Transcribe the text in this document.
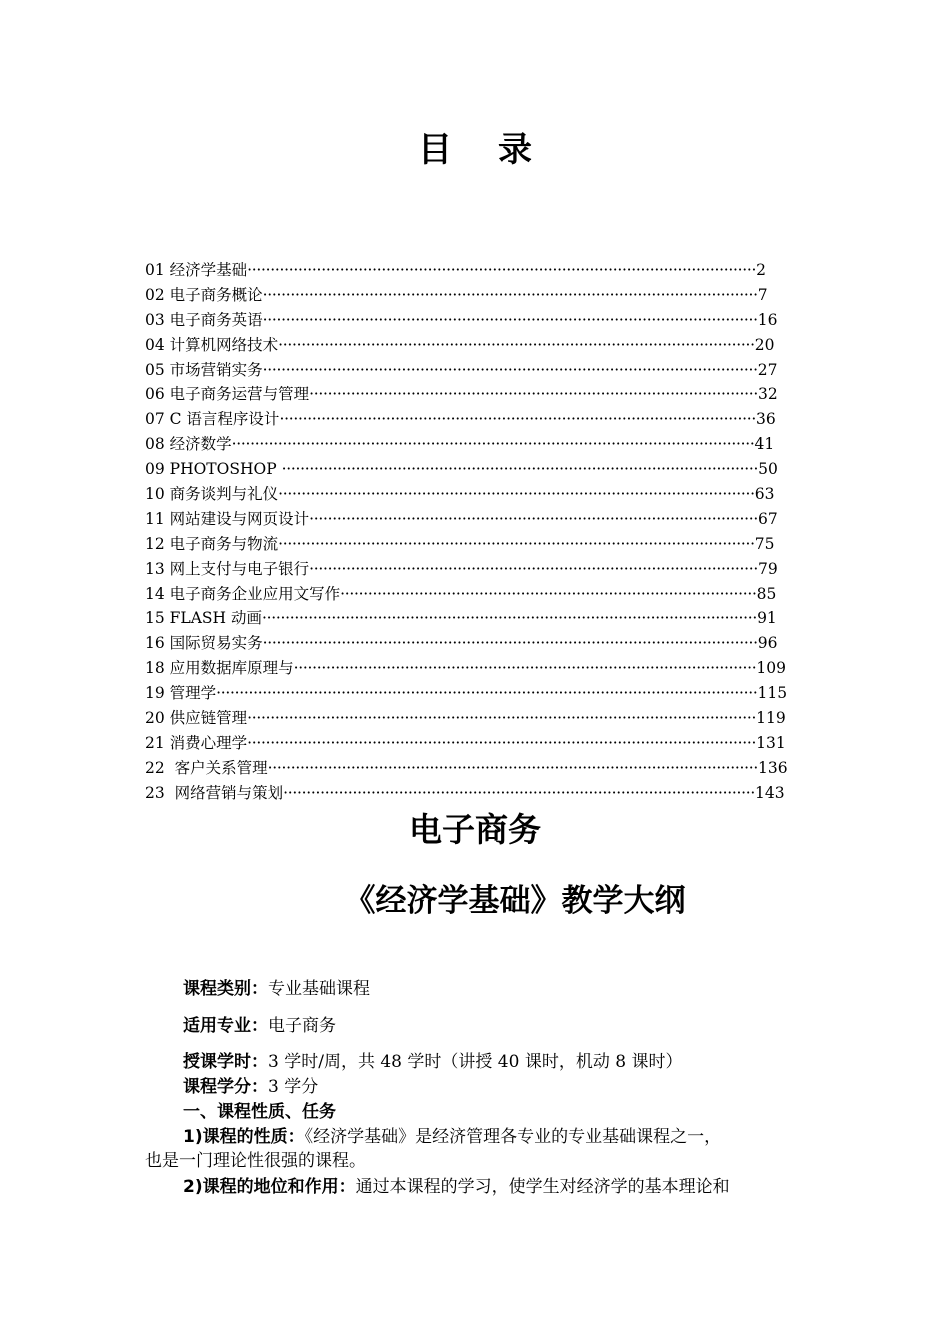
目录
01 经济学基础··············································································································2
02 电子商务概论···········································································································7
03 电子商务英语···········································································································16
04 计算机网络技术·······································································································20
05 市场营销实务···········································································································27
06 电子商务运营与管理·································································································32
07 C 语言程序设计·······································································································36
08 经济数学·················································································································41
09 PHOTOSHOP ·······································································································50
10 商务谈判与礼仪·······································································································63
11 网站建设与网页设计·································································································67
12 电子商务与物流·······································································································75
13 网上支付与电子银行·································································································79
14 电子商务企业应用文写作··························································································85
15 FLASH 动画···········································································································91
16 国际贸易实务···········································································································96
18 应用数据库原理与····································································································109
19 管理学·····················································································································115
20 供应链管理··············································································································119
21 消费心理学··············································································································131
22  客户关系管理··········································································································136
23  网络营销与策划······································································································143
电子商务
《经济学基础》教学大纲
课程类别：专业基础课程
适用专业：电子商务
授课学时：3 学时/周，共 48 学时（讲授 40 课时，机动 8 课时）
课程学分：3 学分
一、课程性质、任务
1)课程的性质：《经济学基础》是经济管理各专业的专业基础课程之一，
也是一门理论性很强的课程。
2)课程的地位和作用：通过本课程的学习，使学生对经济学的基本理论和
